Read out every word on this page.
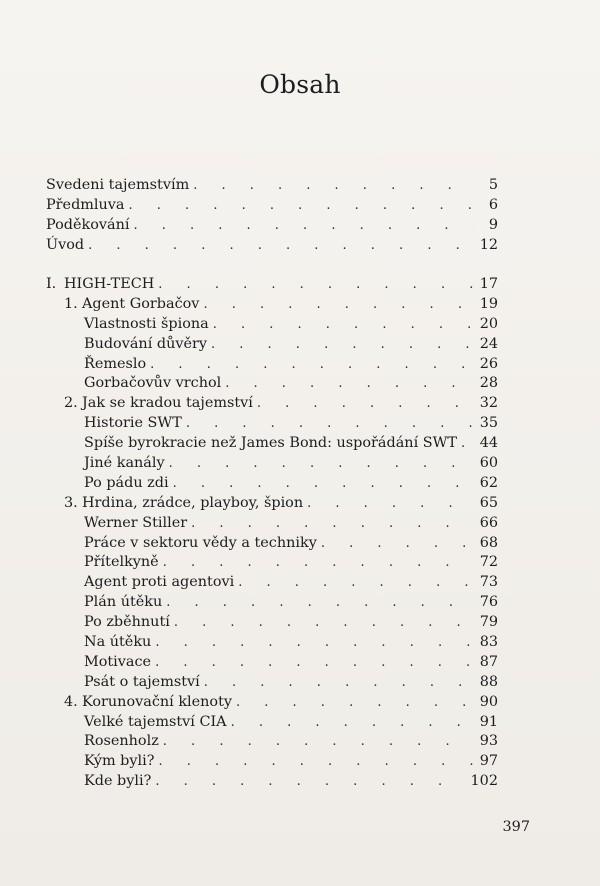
Obsah
Svedeni tajemstvím . . .	5
Předmluva . . .	6
Poděkování . . .	9
Úvod . . .	12
I. HIGH-TECH . . .	17
1. Agent Gorbačov . . .	19
Vlastnosti špiona . . .	20
Budování důvěry . . .	24
Řemeslo . . .	26
Gorbačovův vrchol . . .	28
2. Jak se kradou tajemství . . .	32
Historie SWT . . .	35
Spíše byrokracie než James Bond: uspořádání SWT . . .	44
Jiné kanály . . .	60
Po pádu zdi . . .	62
3. Hrdina, zrádce, playboy, špion . . .	65
Werner Stiller . . .	66
Práce v sektoru vědy a techniky . . .	68
Přítelkyně . . .	72
Agent proti agentovi . . .	73
Plán útěku . . .	76
Po zběhnutí . . .	79
Na útěku . . .	83
Motivace . . .	87
Psát o tajemství . . .	88
4. Korunovační klenoty . . .	90
Velké tajemství CIA . . .	91
Rosenholz . . .	93
Kým byli? . . .	97
Kde byli? . . .	102
397
